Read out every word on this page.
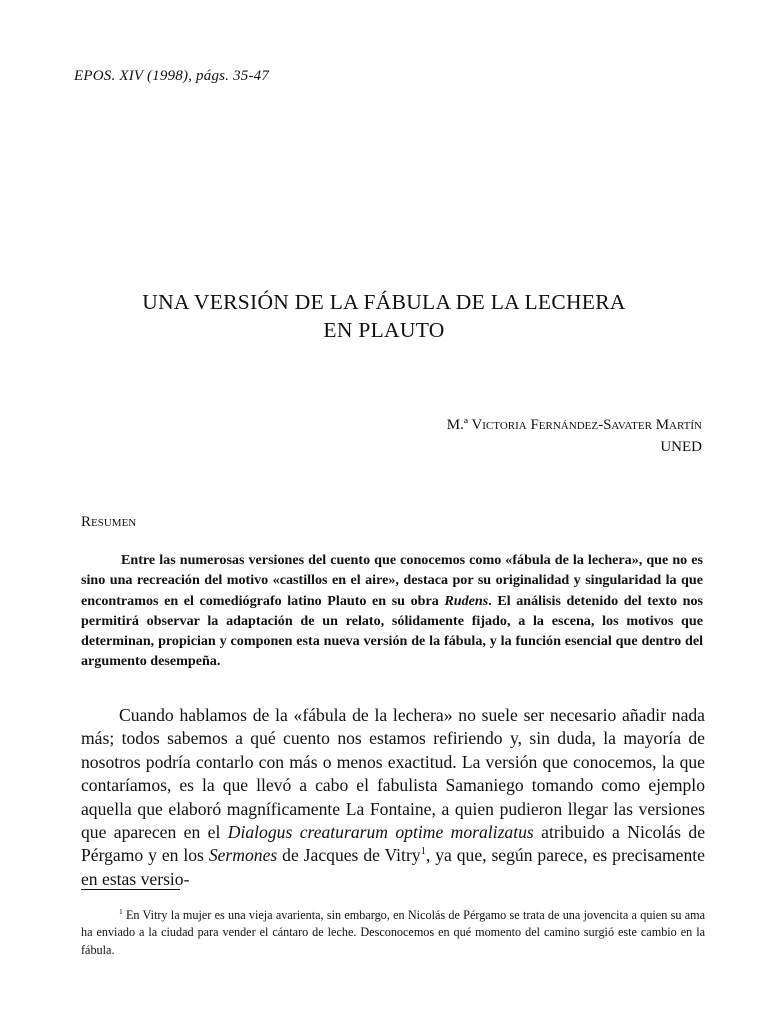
EPOS. XIV (1998), págs. 35-47
UNA VERSIÓN DE LA FÁBULA DE LA LECHERA
EN PLAUTO
M.ª Victoria Fernández-Savater Martín
UNED
Resumen

Entre las numerosas versiones del cuento que conocemos como «fábula de la lechera», que no es sino una recreación del motivo «castillos en el aire», destaca por su originalidad y singularidad la que encontramos en el comediógrafo latino Plauto en su obra Rudens. El análisis detenido del texto nos permitirá observar la adaptación de un relato, sólidamente fijado, a la escena, los motivos que determinan, propician y componen esta nueva versión de la fábula, y la función esencial que dentro del argumento desempeña.

Cuando hablamos de la «fábula de la lechera» no suele ser necesario añadir nada más; todos sabemos a qué cuento nos estamos refiriendo y, sin duda, la mayoría de nosotros podría contarlo con más o menos exactitud. La versión que conocemos, la que contaríamos, es la que llevó a cabo el fabulista Samaniego tomando como ejemplo aquella que elaboró magníficamente La Fontaine, a quien pudieron llegar las versiones que aparecen en el Dialogus creaturarum optime moralizatus atribuido a Nicolás de Pérgamo y en los Sermones de Jacques de Vitry$^1$, ya que, según parece, es precisamente en estas versio-

$^1$ En Vitry la mujer es una vieja avarienta, sin embargo, en Nicolás de Pérgamo se trata de una jovencita a quien su ama ha enviado a la ciudad para vender el cántaro de leche. Desconocemos en qué momento del camino surgió este cambio en la fábula.
